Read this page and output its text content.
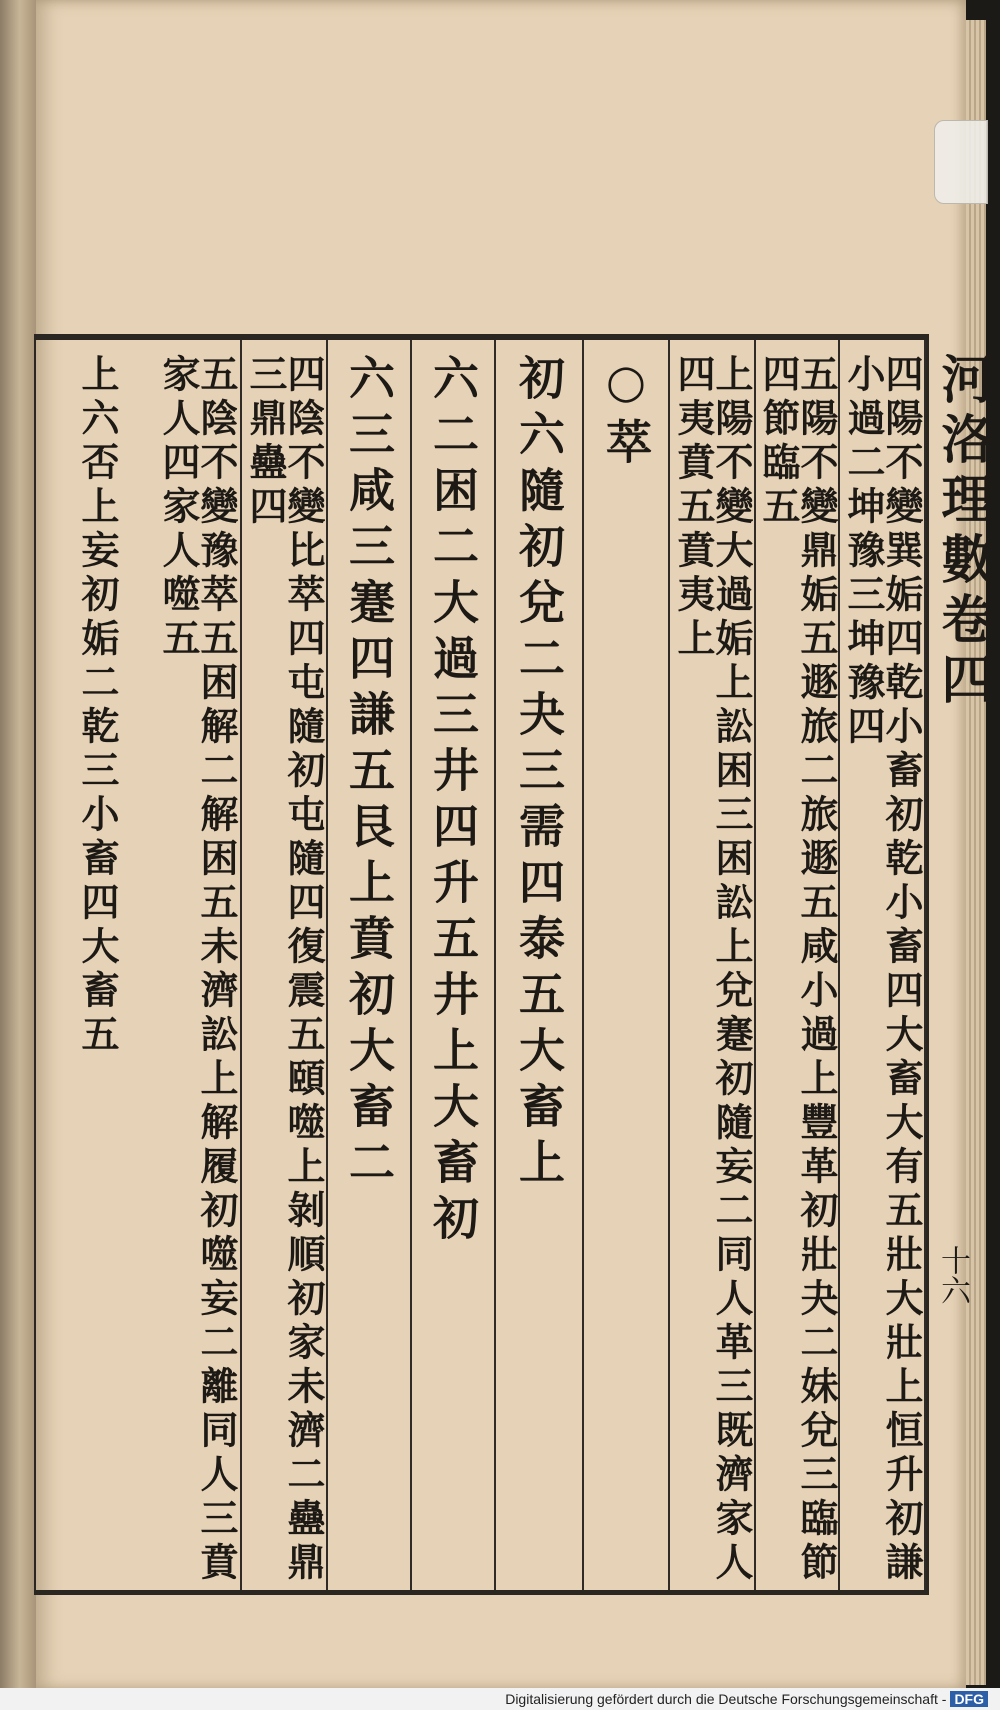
河洛理數卷四
四陽不變巽姤四乾小畜初乾小畜四大畜大有五壯大壯上恒升初謙小過二坤豫三坤豫四
五陽不變鼎姤五遯旅二旅遯五咸小過上豐革初壯夬二妹兌三臨節四節臨五
上陽不變大過姤上訟困三困訟上兌蹇初隨妄二同人革三既濟家人四夷賁五賁夷上
○萃
初六隨初兌二夬三需四泰五大畜上
六二困二大過三井四升五井上大畜初
六三咸三蹇四謙五艮上賁初大畜二
四陰不變比萃四屯隨初屯隨四復震五頤噬上剝順初家未濟二蠱鼎三鼎蠱四
五陰不變豫萃五困解二解困五未濟訟上解履初噬妄二離同人三賁家人四家人噬五
上六否上妄初姤二乾三小畜四大畜五
十六
Digitalisierung gefördert durch die Deutsche Forschungsgemeinschaft - DFG
